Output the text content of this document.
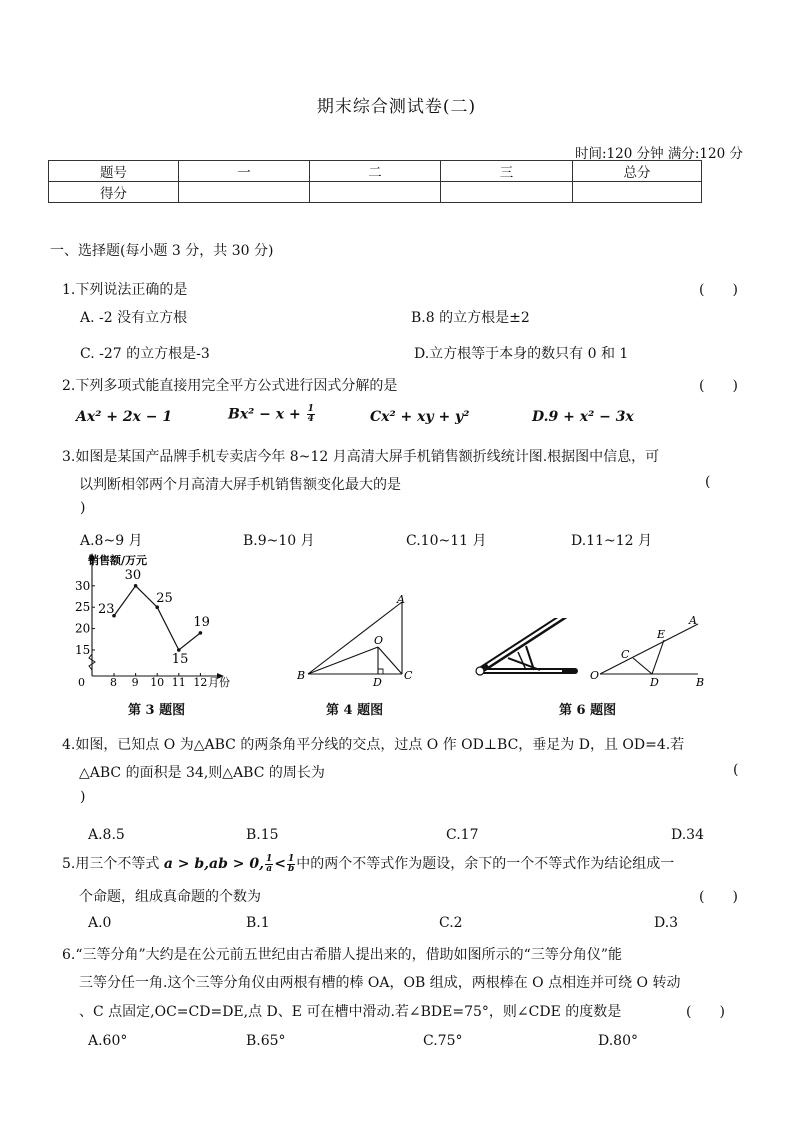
期末综合测试卷(二)
时间:120 分钟 满分:120 分
题号	一	二	三	总分
得分				
一、选择题(每小题 3 分，共 30 分)
1.下列说法正确的是	(　　)
A. -2 没有立方根	B.8 的立方根是±2
C. -27 的立方根是-3	D.立方根等于本身的数只有 0 和 1
2.下列多项式能直接用完全平方公式进行因式分解的是	(　　)
Ax² + 2x − 1	$Bx^2 - x + \frac{1}{4}$	Cx² + xy + y²	D.9 + x² − 3x
3.如图是某国产品牌手机专卖店今年 8~12 月高清大屏手机销售额折线统计图.根据图中信息，可
以判断相邻两个月高清大屏手机销售额变化最大的是	(
)
A.8~9 月	B.9~10 月	C.10~11 月	D.11~12 月
销售额/万元
0	月份
15
20
25
30
8 9 10 11 12
23
30
25
15
19
第 3 题图
A
B
O
D
C
第 4 题图
O
C
D
E
A
B
第 6 题图
4.如图，已知点 O 为△ABC 的两条角平分线的交点，过点 O 作 OD⊥BC，垂足为 D，且 OD=4.若
△ABC 的面积是 34,则△ABC 的周长为	(
)
A.8.5	B.15	C.17	D.34
5.用三个不等式 a > b,ab > 0, $\frac{1}{a} < \frac{1}{b}$ 中的两个不等式作为题设，余下的一个不等式作为结论组成一
个命题，组成真命题的个数为	(　　)
A.0	B.1	C.2	D.3
6.“三等分角”大约是在公元前五世纪由古希腊人提出来的，借助如图所示的“三等分角仪”能
三等分任一角.这个三等分角仪由两根有槽的棒 OA，OB 组成，两根棒在 O 点相连并可绕 O 转动
、C 点固定,OC=CD=DE,点 D、E 可在槽中滑动.若∠BDE=75°，则∠CDE 的度数是	(　　)
A.60°	B.65°	C.75°	D.80°
